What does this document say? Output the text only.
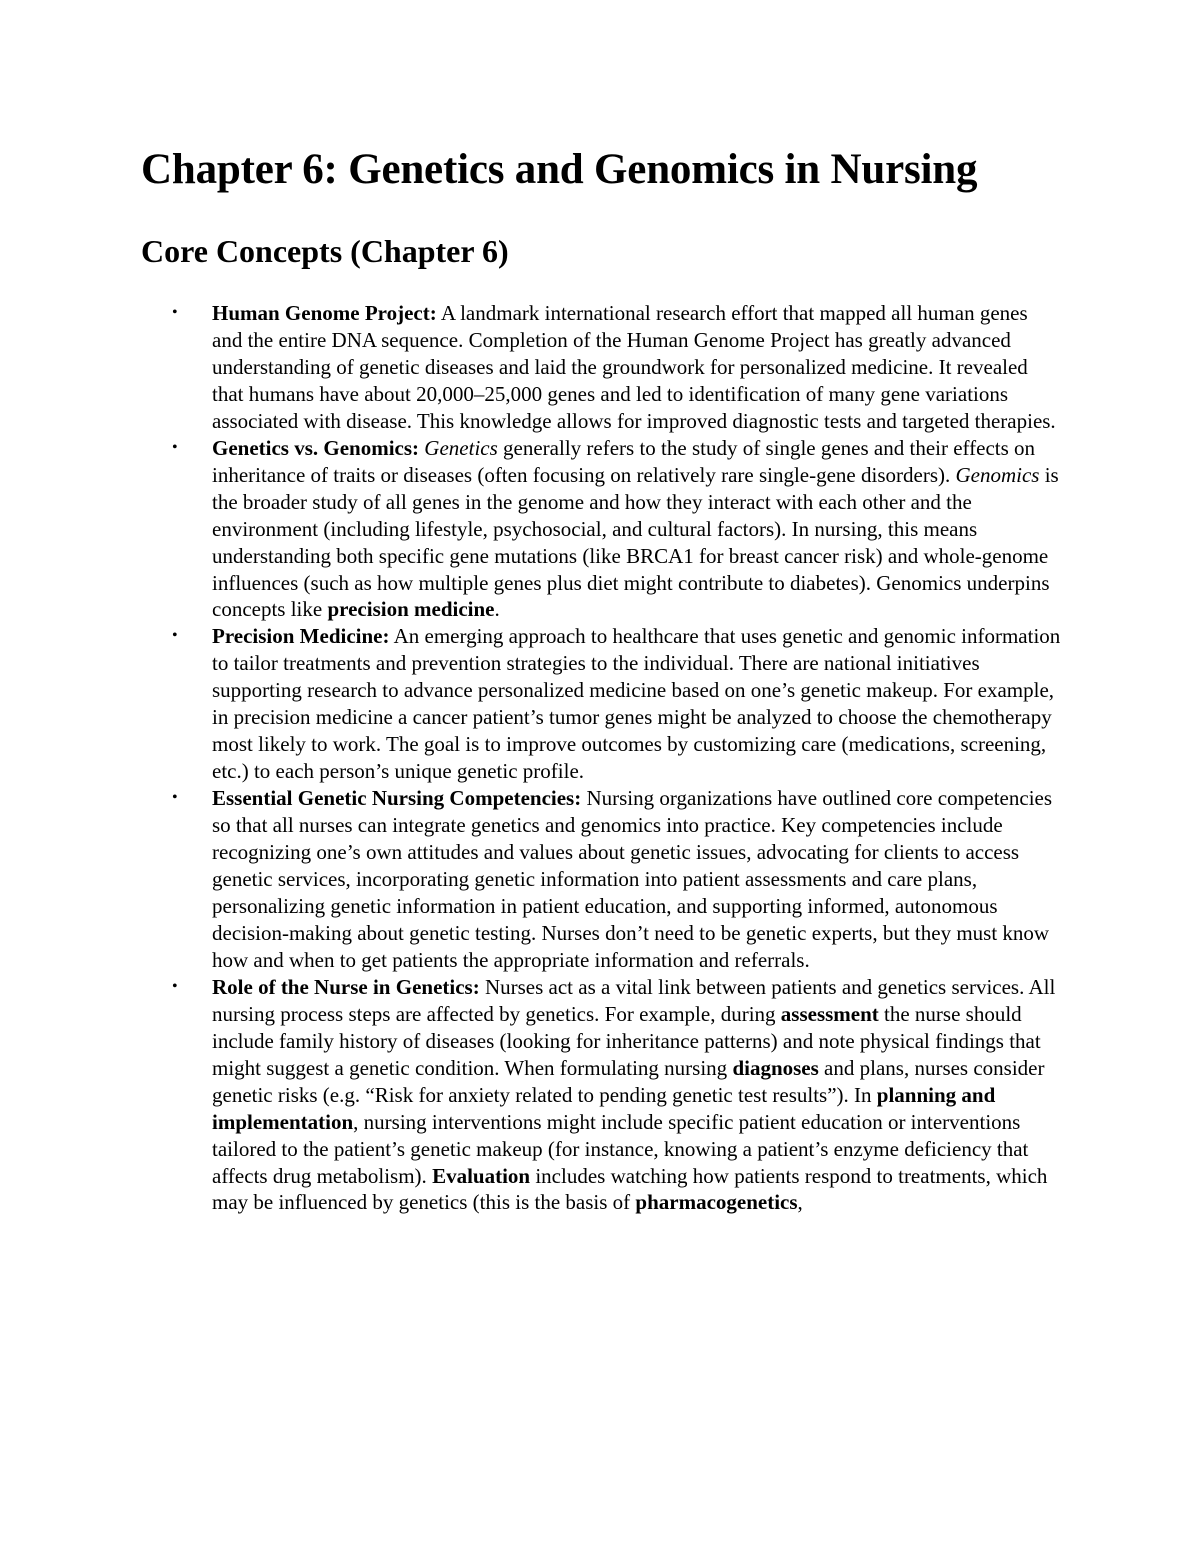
Chapter 6: Genetics and Genomics in Nursing
Core Concepts (Chapter 6)
• Human Genome Project: A landmark international research effort that mapped all human genes and the entire DNA sequence. Completion of the Human Genome Project has greatly advanced understanding of genetic diseases and laid the groundwork for personalized medicine. It revealed that humans have about 20,000–25,000 genes and led to identification of many gene variations associated with disease. This knowledge allows for improved diagnostic tests and targeted therapies.
• Genetics vs. Genomics: Genetics generally refers to the study of single genes and their effects on inheritance of traits or diseases (often focusing on relatively rare single-gene disorders). Genomics is the broader study of all genes in the genome and how they interact with each other and the environment (including lifestyle, psychosocial, and cultural factors). In nursing, this means understanding both specific gene mutations (like BRCA1 for breast cancer risk) and whole-genome influences (such as how multiple genes plus diet might contribute to diabetes). Genomics underpins concepts like precision medicine.
• Precision Medicine: An emerging approach to healthcare that uses genetic and genomic information to tailor treatments and prevention strategies to the individual. There are national initiatives supporting research to advance personalized medicine based on one’s genetic makeup. For example, in precision medicine a cancer patient’s tumor genes might be analyzed to choose the chemotherapy most likely to work. The goal is to improve outcomes by customizing care (medications, screening, etc.) to each person’s unique genetic profile.
• Essential Genetic Nursing Competencies: Nursing organizations have outlined core competencies so that all nurses can integrate genetics and genomics into practice. Key competencies include recognizing one’s own attitudes and values about genetic issues, advocating for clients to access genetic services, incorporating genetic information into patient assessments and care plans, personalizing genetic information in patient education, and supporting informed, autonomous decision-making about genetic testing. Nurses don’t need to be genetic experts, but they must know how and when to get patients the appropriate information and referrals.
• Role of the Nurse in Genetics: Nurses act as a vital link between patients and genetics services. All nursing process steps are affected by genetics. For example, during assessment the nurse should include family history of diseases (looking for inheritance patterns) and note physical findings that might suggest a genetic condition. When formulating nursing diagnoses and plans, nurses consider genetic risks (e.g. “Risk for anxiety related to pending genetic test results”). In planning and implementation, nursing interventions might include specific patient education or interventions tailored to the patient’s genetic makeup (for instance, knowing a patient’s enzyme deficiency that affects drug metabolism). Evaluation includes watching how patients respond to treatments, which may be influenced by genetics (this is the basis of pharmacogenetics,
